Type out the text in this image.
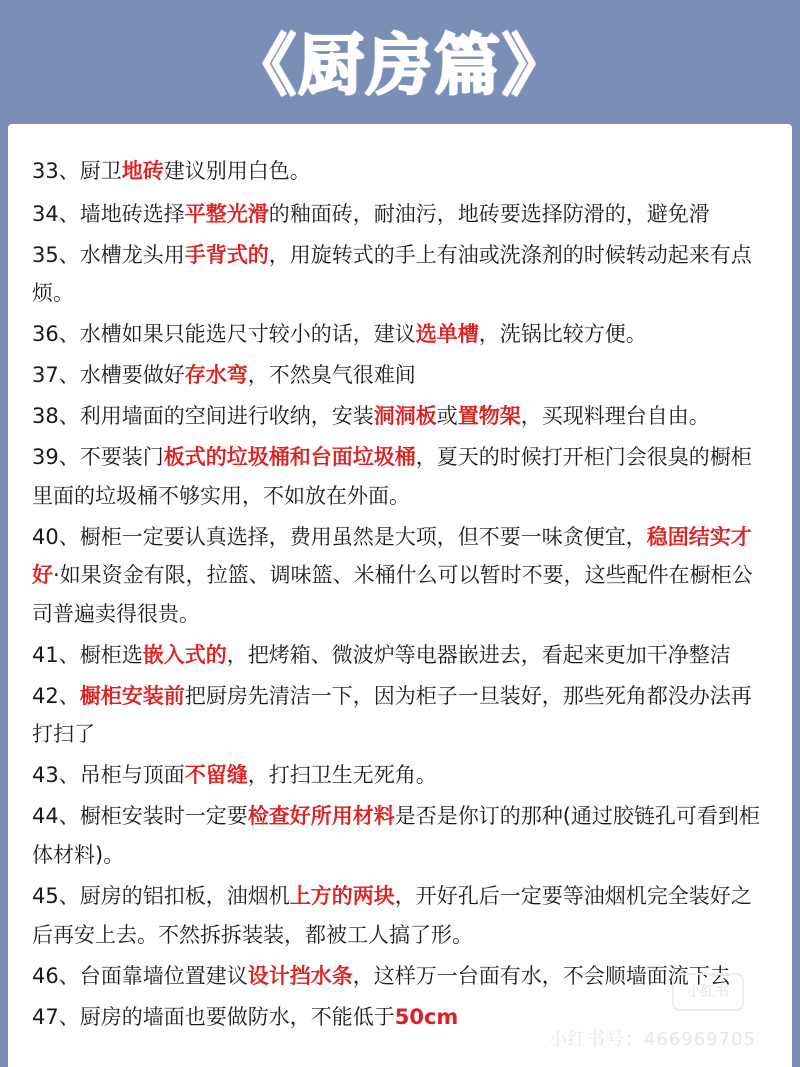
《厨房篇》
33、厨卫地砖建议别用白色。
34、墙地砖选择平整光滑的釉面砖，耐油污，地砖要选择防滑的，避免滑
35、水槽龙头用手背式的，用旋转式的手上有油或洗涤剂的时候转动起来有点烦。
36、水槽如果只能选尺寸较小的话，建议选单槽，洗锅比较方便。
37、水槽要做好存水弯，不然臭气很难间
38、利用墙面的空间进行收纳，安装洞洞板或置物架，买现料理台自由。
39、不要装门板式的垃圾桶和台面垃圾桶，夏天的时候打开柜门会很臭的橱柜里面的垃圾桶不够实用，不如放在外面。
40、橱柜一定要认真选择，费用虽然是大项，但不要一味贪便宜，稳固结实才好·如果资金有限，拉篮、调味篮、米桶什么可以暂时不要，这些配件在橱柜公司普遍卖得很贵。
41、橱柜选嵌入式的，把烤箱、微波炉等电器嵌进去，看起来更加干净整洁
42、橱柜安装前把厨房先清洁一下，因为柜子一旦装好，那些死角都没办法再打扫了
43、吊柜与顶面不留缝，打扫卫生无死角。
44、橱柜安装时一定要检查好所用材料是否是你订的那种(通过胶链孔可看到柜体材料)。
45、厨房的铝扣板，油烟机上方的两块，开好孔后一定要等油烟机完全装好之后再安上去。不然拆拆装装，都被工人搞了形。
46、台面靠墙位置建议设计挡水条，这样万一台面有水，不会顺墙面流下去
47、厨房的墙面也要做防水，不能低于50cm
小红书
小红书号：466969705
